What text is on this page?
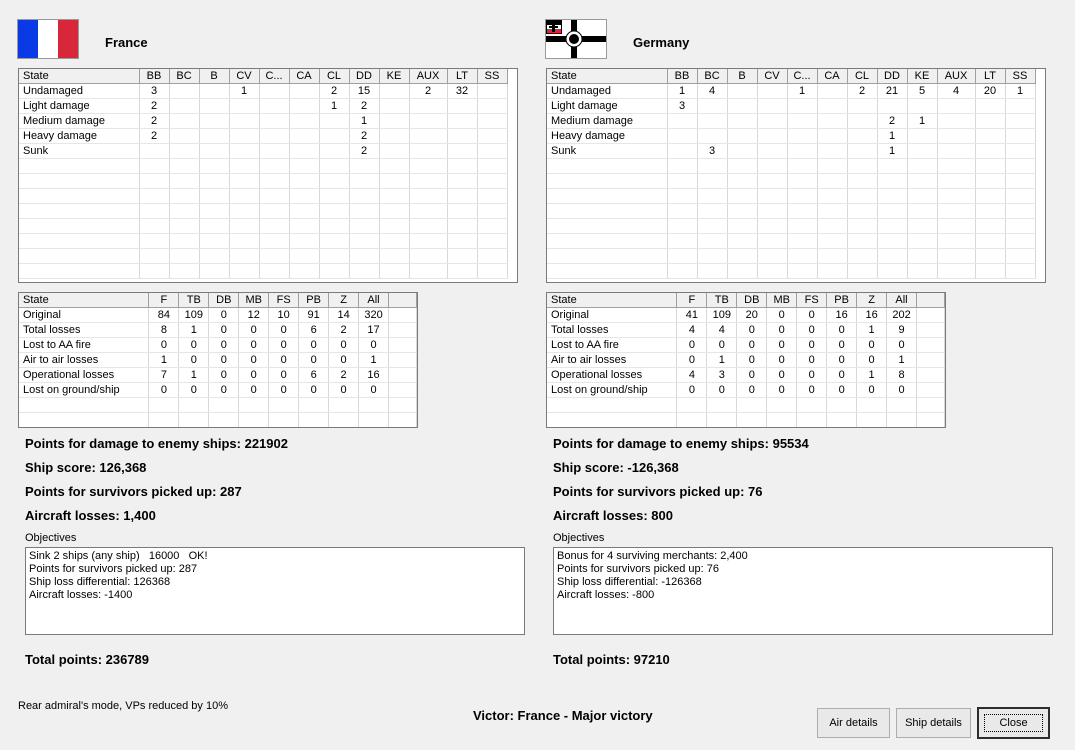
France
State	BB	BC	B	CV	C...	CA	CL	DD	KE	AUX	LT	SS
Undamaged	3			1			2	15		2	32	
Light damage	2						1	2				
Medium damage	2							1				
Heavy damage	2							2				
Sunk								2				

State	F	TB	DB	MB	FS	PB	Z	All	
Original	84	109	0	12	10	91	14	320	
Total losses	8	1	0	0	0	6	2	17	
Lost to AA fire	0	0	0	0	0	0	0	0	
Air to air losses	1	0	0	0	0	0	0	1	
Operational losses	7	1	0	0	0	6	2	16	
Lost on ground/ship	0	0	0	0	0	0	0	0	

Points for damage to enemy ships: 221902
Ship score: 126,368
Points for survivors picked up: 287
Aircraft losses: 1,400
Objectives
Sink 2 ships (any ship)   16000   OK!
Points for survivors picked up: 287
Ship loss differential: 126368
Aircraft losses: -1400
Total points: 236789
Germany
State	BB	BC	B	CV	C...	CA	CL	DD	KE	AUX	LT	SS
Undamaged	1	4			1		2	21	5	4	20	1
Light damage	3											
Medium damage								2	1			
Heavy damage								1				
Sunk		3						1				

State	F	TB	DB	MB	FS	PB	Z	All	
Original	41	109	20	0	0	16	16	202	
Total losses	4	4	0	0	0	0	1	9	
Lost to AA fire	0	0	0	0	0	0	0	0	
Air to air losses	0	1	0	0	0	0	0	1	
Operational losses	4	3	0	0	0	0	1	8	
Lost on ground/ship	0	0	0	0	0	0	0	0	

Points for damage to enemy ships: 95534
Ship score: -126,368
Points for survivors picked up: 76
Aircraft losses: 800
Objectives
Bonus for 4 surviving merchants: 2,400
Points for survivors picked up: 76
Ship loss differential: -126368
Aircraft losses: -800
Total points: 97210
Rear admiral's mode, VPs reduced by 10%
Victor: France - Major victory	Air details Ship details	Close
